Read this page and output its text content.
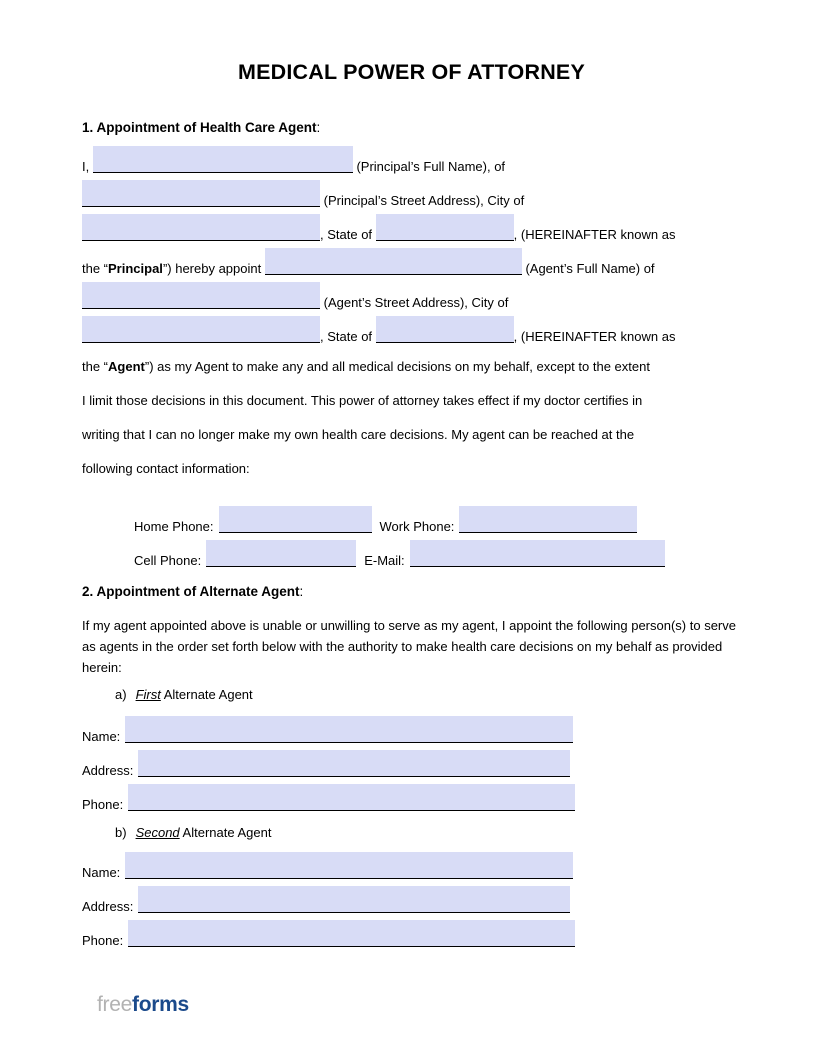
MEDICAL POWER OF ATTORNEY
1. Appointment of Health Care Agent:
I,	(Principal’s Full Name), of
(Principal’s Street Address), City of
, State of	, (HEREINAFTER known as
the “Principal”) hereby appoint	(Agent’s Full Name) of
(Agent’s Street Address), City of
, State of	, (HEREINAFTER known as
the “Agent”) as my Agent to make any and all medical decisions on my behalf, except to the extent
I limit those decisions in this document. This power of attorney takes effect if my doctor certifies in
writing that I can no longer make my own health care decisions. My agent can be reached at the
following contact information:
Home Phone:	Work Phone:
Cell Phone:	E-Mail:
2. Appointment of Alternate Agent:
If my agent appointed above is unable or unwilling to serve as my agent, I appoint the following person(s) to serve as agents in the order set forth below with the authority to make health care decisions on my behalf as provided herein:
a) First Alternate Agent
Name:
Address:
Phone:
b) Second Alternate Agent
Name:
Address:
Phone:
freeforms
